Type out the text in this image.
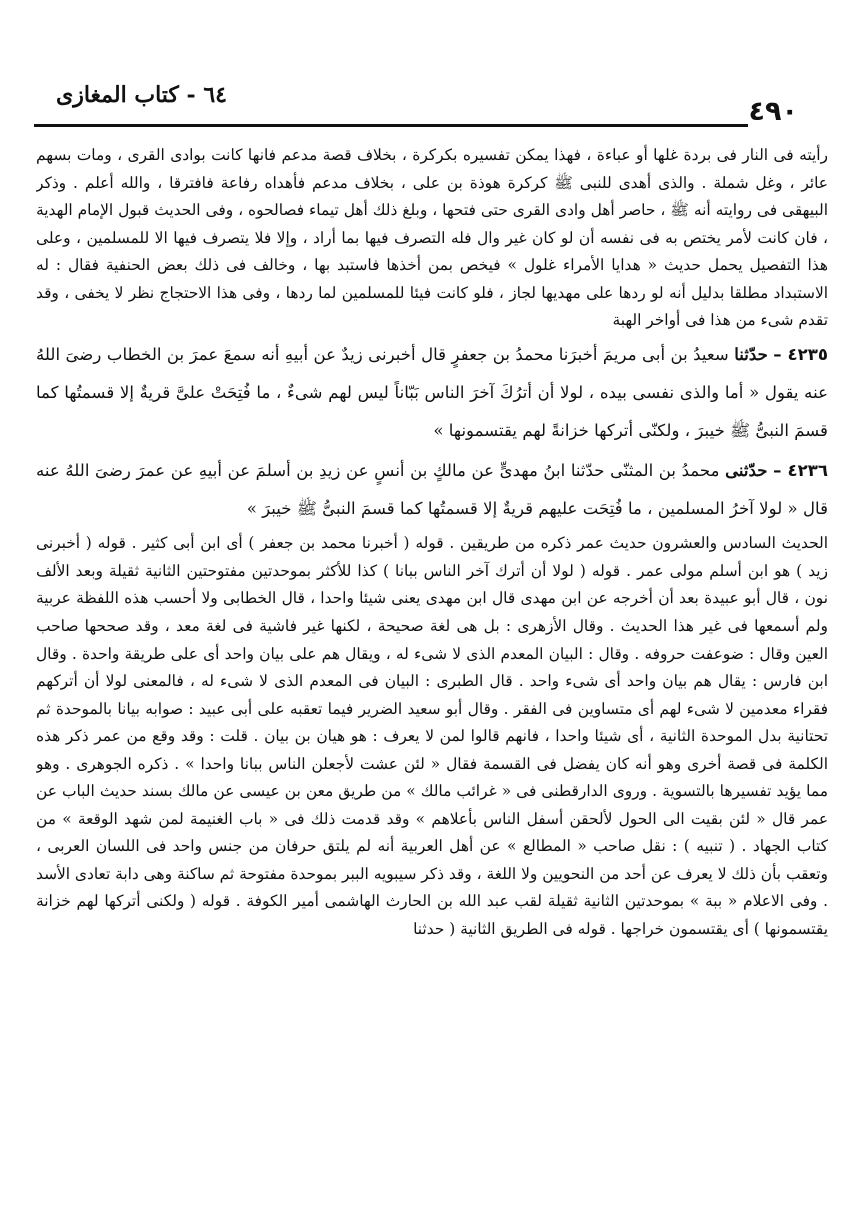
٤٩٠
٦٤ - كتاب المغازى

رأيته فى النار فى بردة غلها أو عباءة ، فهذا يمكن تفسيره بكركرة ، بخلاف قصة مدعم فانها كانت بوادى القرى ، ومات بسهم عائر ، وغل شملة . والذى أهدى للنبى ﷺ كركرة هوذة بن على ، بخلاف مدعم فأهداه رفاعة فافترقا ، والله أعلم . وذكر البيهقى فى روايته أنه ﷺ ، حاصر أهل وادى القرى حتى فتحها ، وبلغ ذلك أهل تيماء فصالحوه ، وفى الحديث قبول الإمام الهدية ، فان كانت لأمر يختص به فى نفسه أن لو كان غير وال فله التصرف فيها بما أراد ، وإلا فلا يتصرف فيها الا للمسلمين ، وعلى هذا التفصيل يحمل حديث « هدايا الأمراء غلول » فيخص بمن أخذها فاستبد بها ، وخالف فى ذلك بعض الحنفية فقال : له الاستبداد مطلقا بدليل أنه لو ردها على مهديها لجاز ، فلو كانت فيئا للمسلمين لما ردها ، وفى هذا الاحتجاج نظر لا يخفى ، وقد تقدم شىء من هذا فى أواخر الهبة

٤٢٣٥ – حدّثنا سعيدُ بن أبى مريمَ أخبرَنا محمدُ بن جعفرٍ قال أخبرنى زيدٌ عن أبيهِ أنه سمعَ عمرَ بن الخطاب رضىَ اللهُ عنه يقول « أما والذى نفسى بيده ، لولا أن أترُكَ آخرَ الناس بَبّاناً ليس لهم شىءٌ ، ما فُتِحَتْ علىَّ قريةٌ إلا قسمتُها كما قسمَ النبىُّ ﷺ خيبرَ ، ولكنّى أتركها خزانةً لهم يقتسمونها »

٤٢٣٦ – حدّثنى محمدُ بن المثنّى حدّثنا ابنُ مهدىٍّ عن مالكٍ بن أنسٍ عن زيدِ بن أسلمَ عن أبيهِ عن عمرَ رضىَ اللهُ عنه قال « لولا آخرُ المسلمين ، ما فُتِحَت عليهم قريةٌ إلا قسمتُها كما قسمَ النبىُّ ﷺ خيبرَ »

الحديث السادس والعشرون حديث عمر ذكره من طريقين . قوله ( أخبرنا محمد بن جعفر ) أى ابن أبى كثير . قوله ( أخبرنى زيد ) هو ابن أسلم مولى عمر . قوله ( لولا أن أترك آخر الناس ببانا ) كذا للأكثر بموحدتين مفتوحتين الثانية ثقيلة وبعد الألف نون ، قال أبو عبيدة بعد أن أخرجه عن ابن مهدى قال ابن مهدى يعنى شيئا واحدا ، قال الخطابى ولا أحسب هذه اللفظة عربية ولم أسمعها فى غير هذا الحديث . وقال الأزهرى : بل هى لغة صحيحة ، لكنها غير فاشية فى لغة معد ، وقد صححها صاحب العين وقال : ضوعفت حروفه . وقال : البيان المعدم الذى لا شىء له ، ويقال هم على بيان واحد أى على طريقة واحدة . وقال ابن فارس : يقال هم بيان واحد أى شىء واحد . قال الطبرى : البيان فى المعدم الذى لا شىء له ، فالمعنى لولا أن أتركهم فقراء معدمين لا شىء لهم أى متساوين فى الفقر . وقال أبو سعيد الضرير فيما تعقبه على أبى عبيد : صوابه بيانا بالموحدة ثم تحتانية بدل الموحدة الثانية ، أى شيئا واحدا ، فانهم قالوا لمن لا يعرف : هو هيان بن بيان . قلت : وقد وقع من عمر ذكر هذه الكلمة فى قصة أخرى وهو أنه كان يفضل فى القسمة فقال « لئن عشت لأجعلن الناس ببانا واحدا » . ذكره الجوهرى . وهو مما يؤيد تفسيرها بالتسوية . وروى الدارقطنى فى « غرائب مالك » من طريق معن بن عيسى عن مالك بسند حديث الباب عن عمر قال « لئن بقيت الى الحول لألحقن أسفل الناس بأعلاهم » وقد قدمت ذلك فى « باب الغنيمة لمن شهد الوقعة » من كتاب الجهاد . ( تنبيه ) : نقل صاحب « المطالع » عن أهل العربية أنه لم يلتق حرفان من جنس واحد فى اللسان العربى ، وتعقب بأن ذلك لا يعرف عن أحد من النحويين ولا اللغة ، وقد ذكر سيبويه الببر بموحدة مفتوحة ثم ساكنة وهى دابة تعادى الأسد . وفى الاعلام « ببة » بموحدتين الثانية ثقيلة لقب عبد الله بن الحارث الهاشمى أمير الكوفة . قوله ( ولكنى أتركها لهم خزانة يقتسمونها ) أى يقتسمون خراجها . قوله فى الطريق الثانية ( حدثنا
